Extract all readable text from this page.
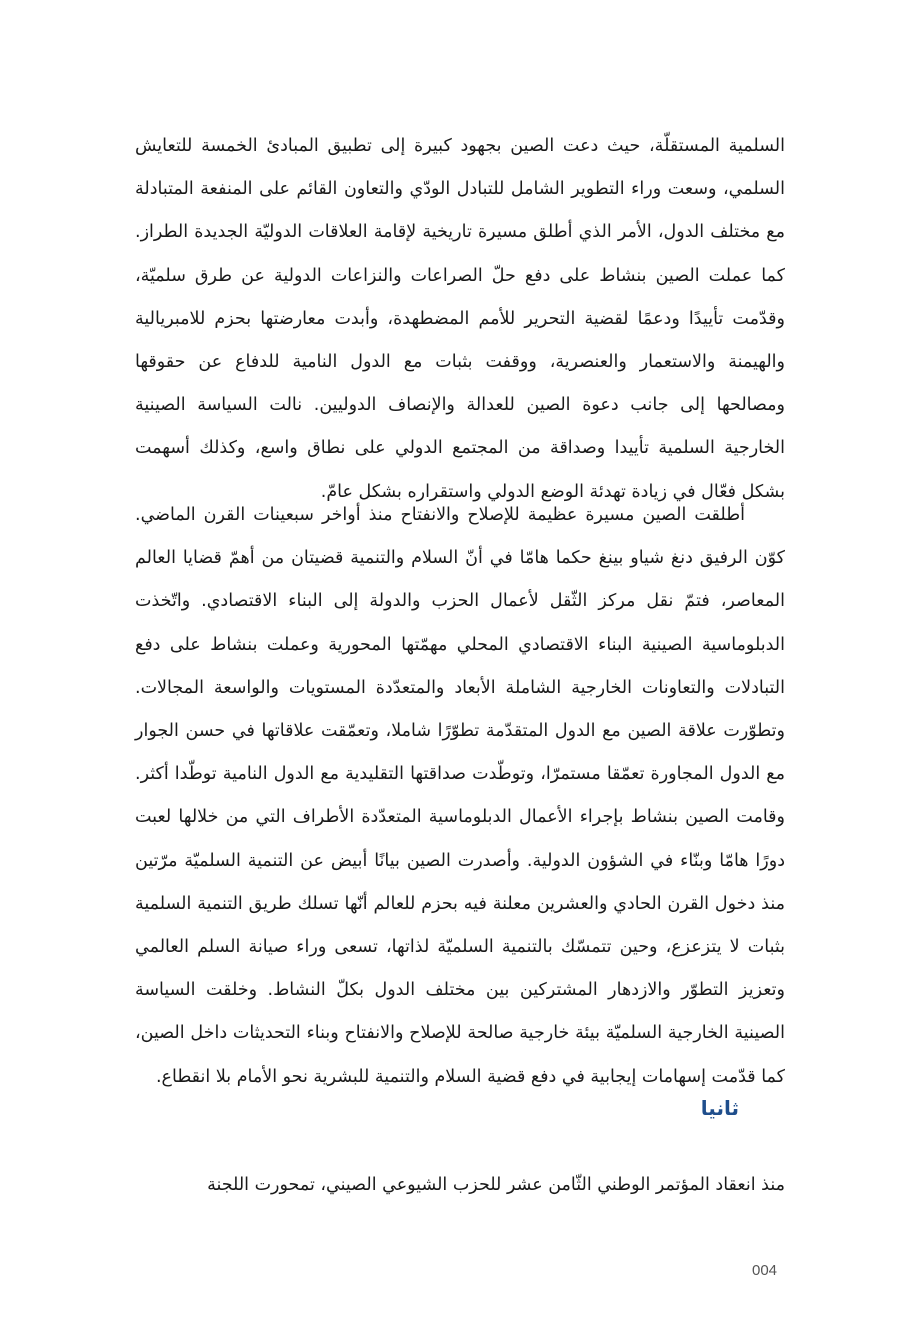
السلمية المستقلّة، حيث دعت الصين بجهود كبيرة إلى تطبيق المبادئ الخمسة للتعايش السلمي، وسعت وراء التطوير الشامل للتبادل الودّي والتعاون القائم على المنفعة المتبادلة مع مختلف الدول، الأمر الذي أطلق مسيرة تاريخية لإقامة العلاقات الدوليّة الجديدة الطراز. كما عملت الصين بنشاط على دفع حلّ الصراعات والنزاعات الدولية عن طرق سلميّة، وقدّمت تأييدًا ودعمًا لقضية التحرير للأمم المضطهدة، وأبدت معارضتها بحزم للامبريالية والهيمنة والاستعمار والعنصرية، ووقفت بثبات مع الدول النامية للدفاع عن حقوقها ومصالحها إلى جانب دعوة الصين للعدالة والإنصاف الدوليين. نالت السياسة الصينية الخارجية السلمية تأييدا وصداقة من المجتمع الدولي على نطاق واسع، وكذلك أسهمت بشكل فعّال في زيادة تهدئة الوضع الدولي واستقراره بشكل عامّ.

أطلقت الصين مسيرة عظيمة للإصلاح والانفتاح منذ أواخر سبعينات القرن الماضي. كوّن الرفيق دنغ شياو بينغ حكما هامّا في أنّ السلام والتنمية قضيتان من أهمّ قضايا العالم المعاصر، فتمّ نقل مركز الثّقل لأعمال الحزب والدولة إلى البناء الاقتصادي. واتّخذت الدبلوماسية الصينية البناء الاقتصادي المحلي مهمّتها المحورية وعملت بنشاط على دفع التبادلات والتعاونات الخارجية الشاملة الأبعاد والمتعدّدة المستويات والواسعة المجالات. وتطوّرت علاقة الصين مع الدول المتقدّمة تطوّرًا شاملا، وتعمّقت علاقاتها في حسن الجوار مع الدول المجاورة تعمّقا مستمرّا، وتوطّدت صداقتها التقليدية مع الدول النامية توطّدا أكثر. وقامت الصين بنشاط بإجراء الأعمال الدبلوماسية المتعدّدة الأطراف التي من خلالها لعبت دورًا هامّا وبنّاء في الشؤون الدولية. وأصدرت الصين بيانًا أبيض عن التنمية السلميّة مرّتين منذ دخول القرن الحادي والعشرين معلنة فيه بحزم للعالم أنّها تسلك طريق التنمية السلمية بثبات لا يتزعزع، وحين تتمسّك بالتنمية السلميّة لذاتها، تسعى وراء صيانة السلم العالمي وتعزيز التطوّر والازدهار المشتركين بين مختلف الدول بكلّ النشاط. وخلقت السياسة الصينية الخارجية السلميّة بيئة خارجية صالحة للإصلاح والانفتاح وبناء التحديثات داخل الصين، كما قدّمت إسهامات إيجابية في دفع قضية السلام والتنمية للبشرية نحو الأمام بلا انقطاع.

ثانيا

منذ انعقاد المؤتمر الوطني الثّامن عشر للحزب الشيوعي الصيني، تمحورت اللجنة

004
